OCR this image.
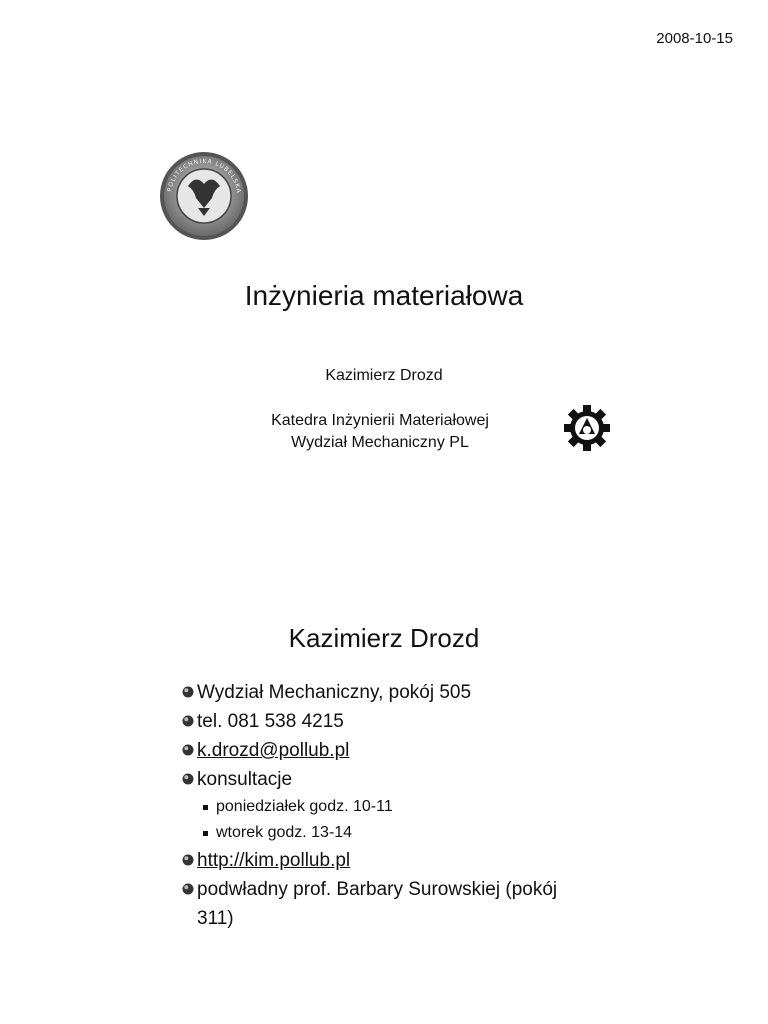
2008-10-15
POLITECHNIKA LUBELSKA
Inżynieria materiałowa
Kazimierz Drozd
Katedra Inżynierii Materiałowej
Wydział Mechaniczny PL
Kazimierz Drozd
Wydział Mechaniczny, pokój 505
tel. 081 538 4215
k.drozd@pollub.pl
konsultacje
poniedziałek godz. 10-11
wtorek godz. 13-14
http://kim.pollub.pl
podwładny prof. Barbary Surowskiej (pokój
311)
